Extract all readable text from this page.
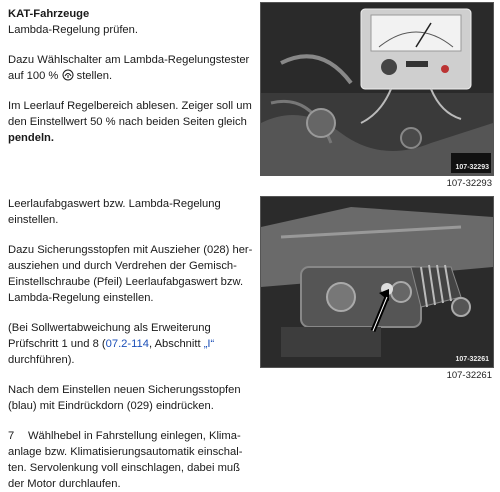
KAT-Fahrzeuge
Lambda-Regelung prüfen.
Dazu Wählschalter am Lambda-Regelungstester
auf 100 % stellen.
Im Leerlauf Regelbereich ablesen. Zeiger soll um
den Einstellwert 50 % nach beiden Seiten gleich
pendeln.
107-32293
107-32293
Leerlaufabgaswert bzw. Lambda-Regelung
einstellen.
Dazu Sicherungsstopfen mit Auszieher (028) her-
ausziehen und durch Verdrehen der Gemisch-
Einstellschraube (Pfeil) Leerlaufabgaswert bzw.
Lambda-Regelung einstellen.
(Bei Sollwertabweichung als Erweiterung
Prüfschritt 1 und 8 (07.2-114, Abschnitt „I“
durchführen).
Nach dem Einstellen neuen Sicherungsstopfen
(blau) mit Eindrückdorn (029) eindrücken.
7	Wählhebel in Fahrstellung einlegen, Klima-
anlage bzw. Klimatisierungsautomatik einschal-
ten. Servolenkung voll einschlagen, dabei muß
der Motor durchlaufen.
107-32261
107-32261
